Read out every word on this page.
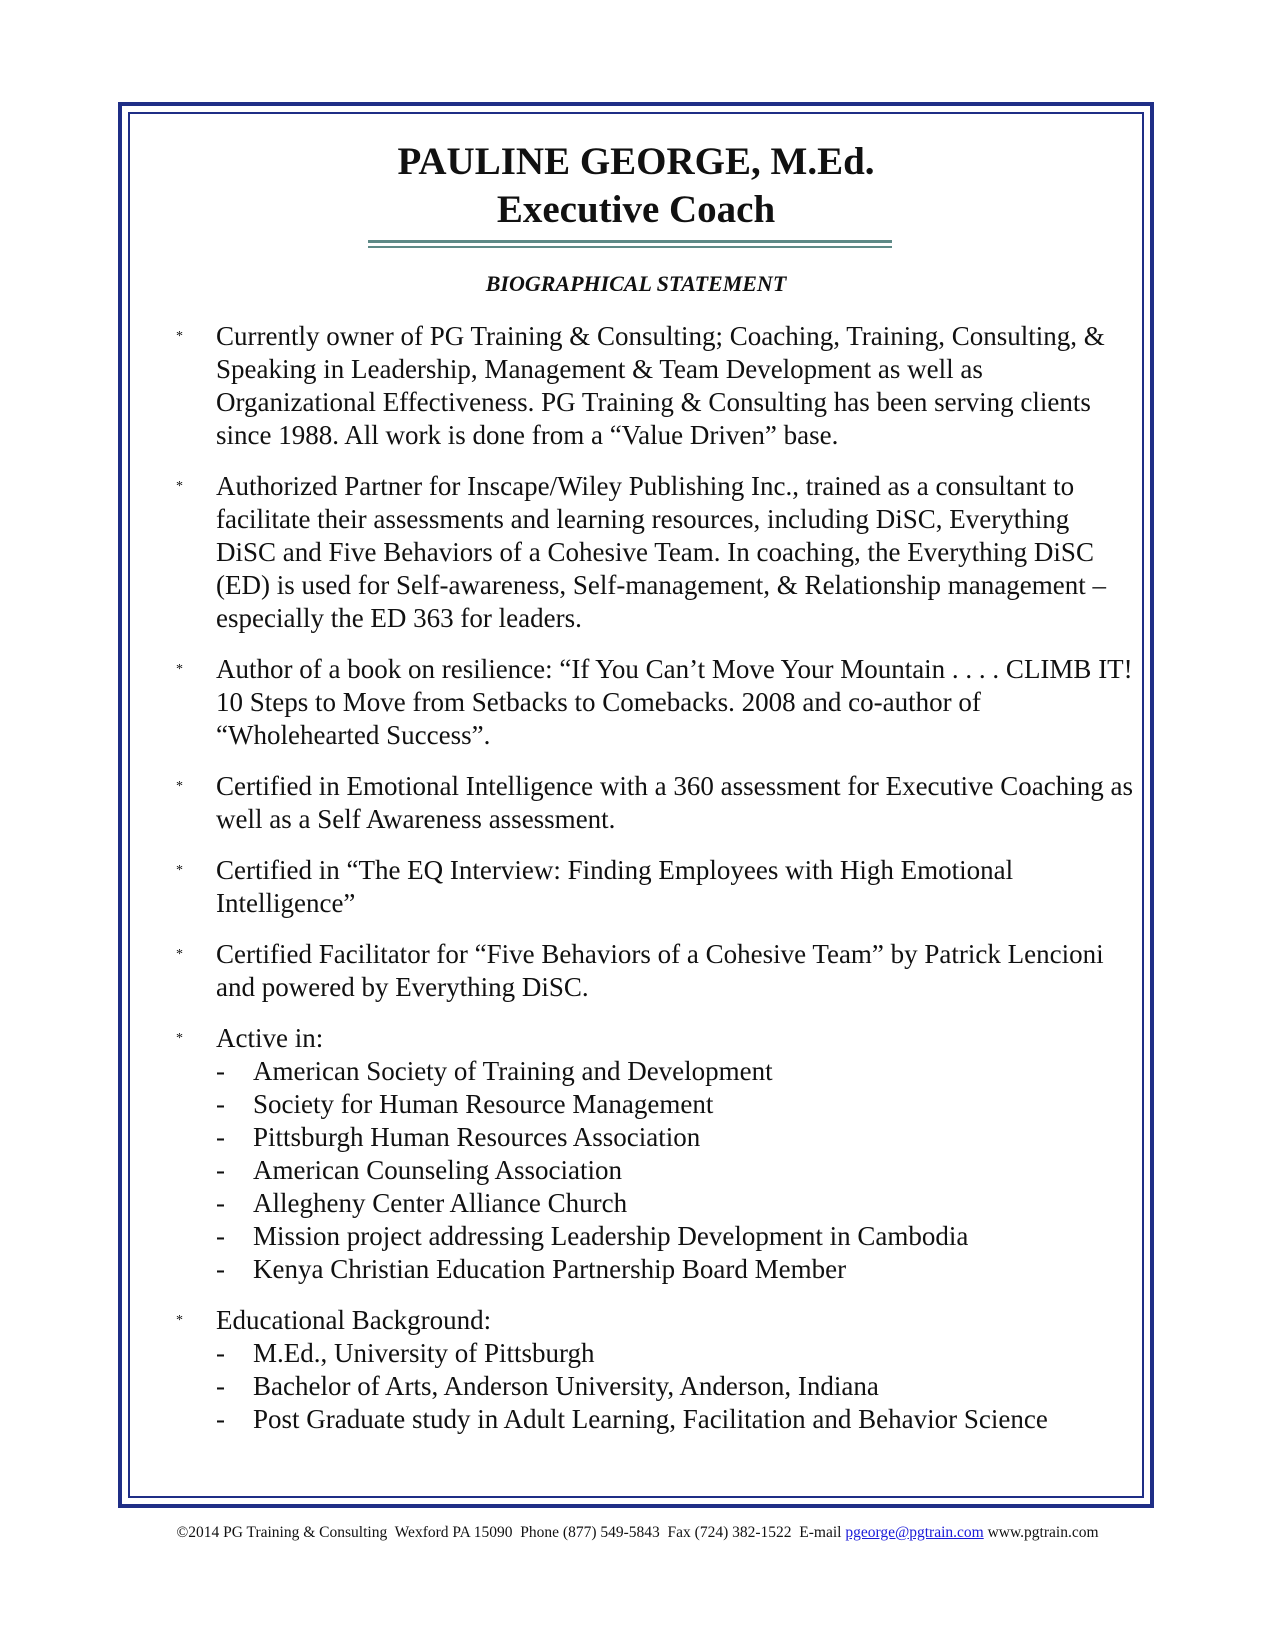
PAULINE GEORGE, M.Ed.
Executive Coach
BIOGRAPHICAL STATEMENT
*	Currently owner of PG Training & Consulting; Coaching, Training, Consulting, & Speaking in Leadership, Management & Team Development as well as Organizational Effectiveness. PG Training & Consulting has been serving clients since 1988. All work is done from a “Value Driven” base.
*	Authorized Partner for Inscape/Wiley Publishing Inc., trained as a consultant to facilitate their assessments and learning resources, including DiSC, Everything DiSC and Five Behaviors of a Cohesive Team. In coaching, the Everything DiSC (ED) is used for Self-awareness, Self-management, & Relationship management – especially the ED 363 for leaders.
*	Author of a book on resilience: “If You Can’t Move Your Mountain . . . . CLIMB IT! 10 Steps to Move from Setbacks to Comebacks. 2008 and co-author of “Wholehearted Success”.
*	Certified in Emotional Intelligence with a 360 assessment for Executive Coaching as well as a Self Awareness assessment.
*	Certified in “The EQ Interview: Finding Employees with High Emotional Intelligence”
*	Certified Facilitator for “Five Behaviors of a Cohesive Team” by Patrick Lencioni and powered by Everything DiSC.
*	Active in:
- American Society of Training and Development
- Society for Human Resource Management
- Pittsburgh Human Resources Association
- American Counseling Association
- Allegheny Center Alliance Church
- Mission project addressing Leadership Development in Cambodia
- Kenya Christian Education Partnership Board Member
*	Educational Background:
- M.Ed., University of Pittsburgh
- Bachelor of Arts, Anderson University, Anderson, Indiana
- Post Graduate study in Adult Learning, Facilitation and Behavior Science
©2014 PG Training & Consulting  Wexford PA 15090  Phone (877) 549-5843  Fax (724) 382-1522  E-mail pgeorge@pgtrain.com www.pgtrain.com
